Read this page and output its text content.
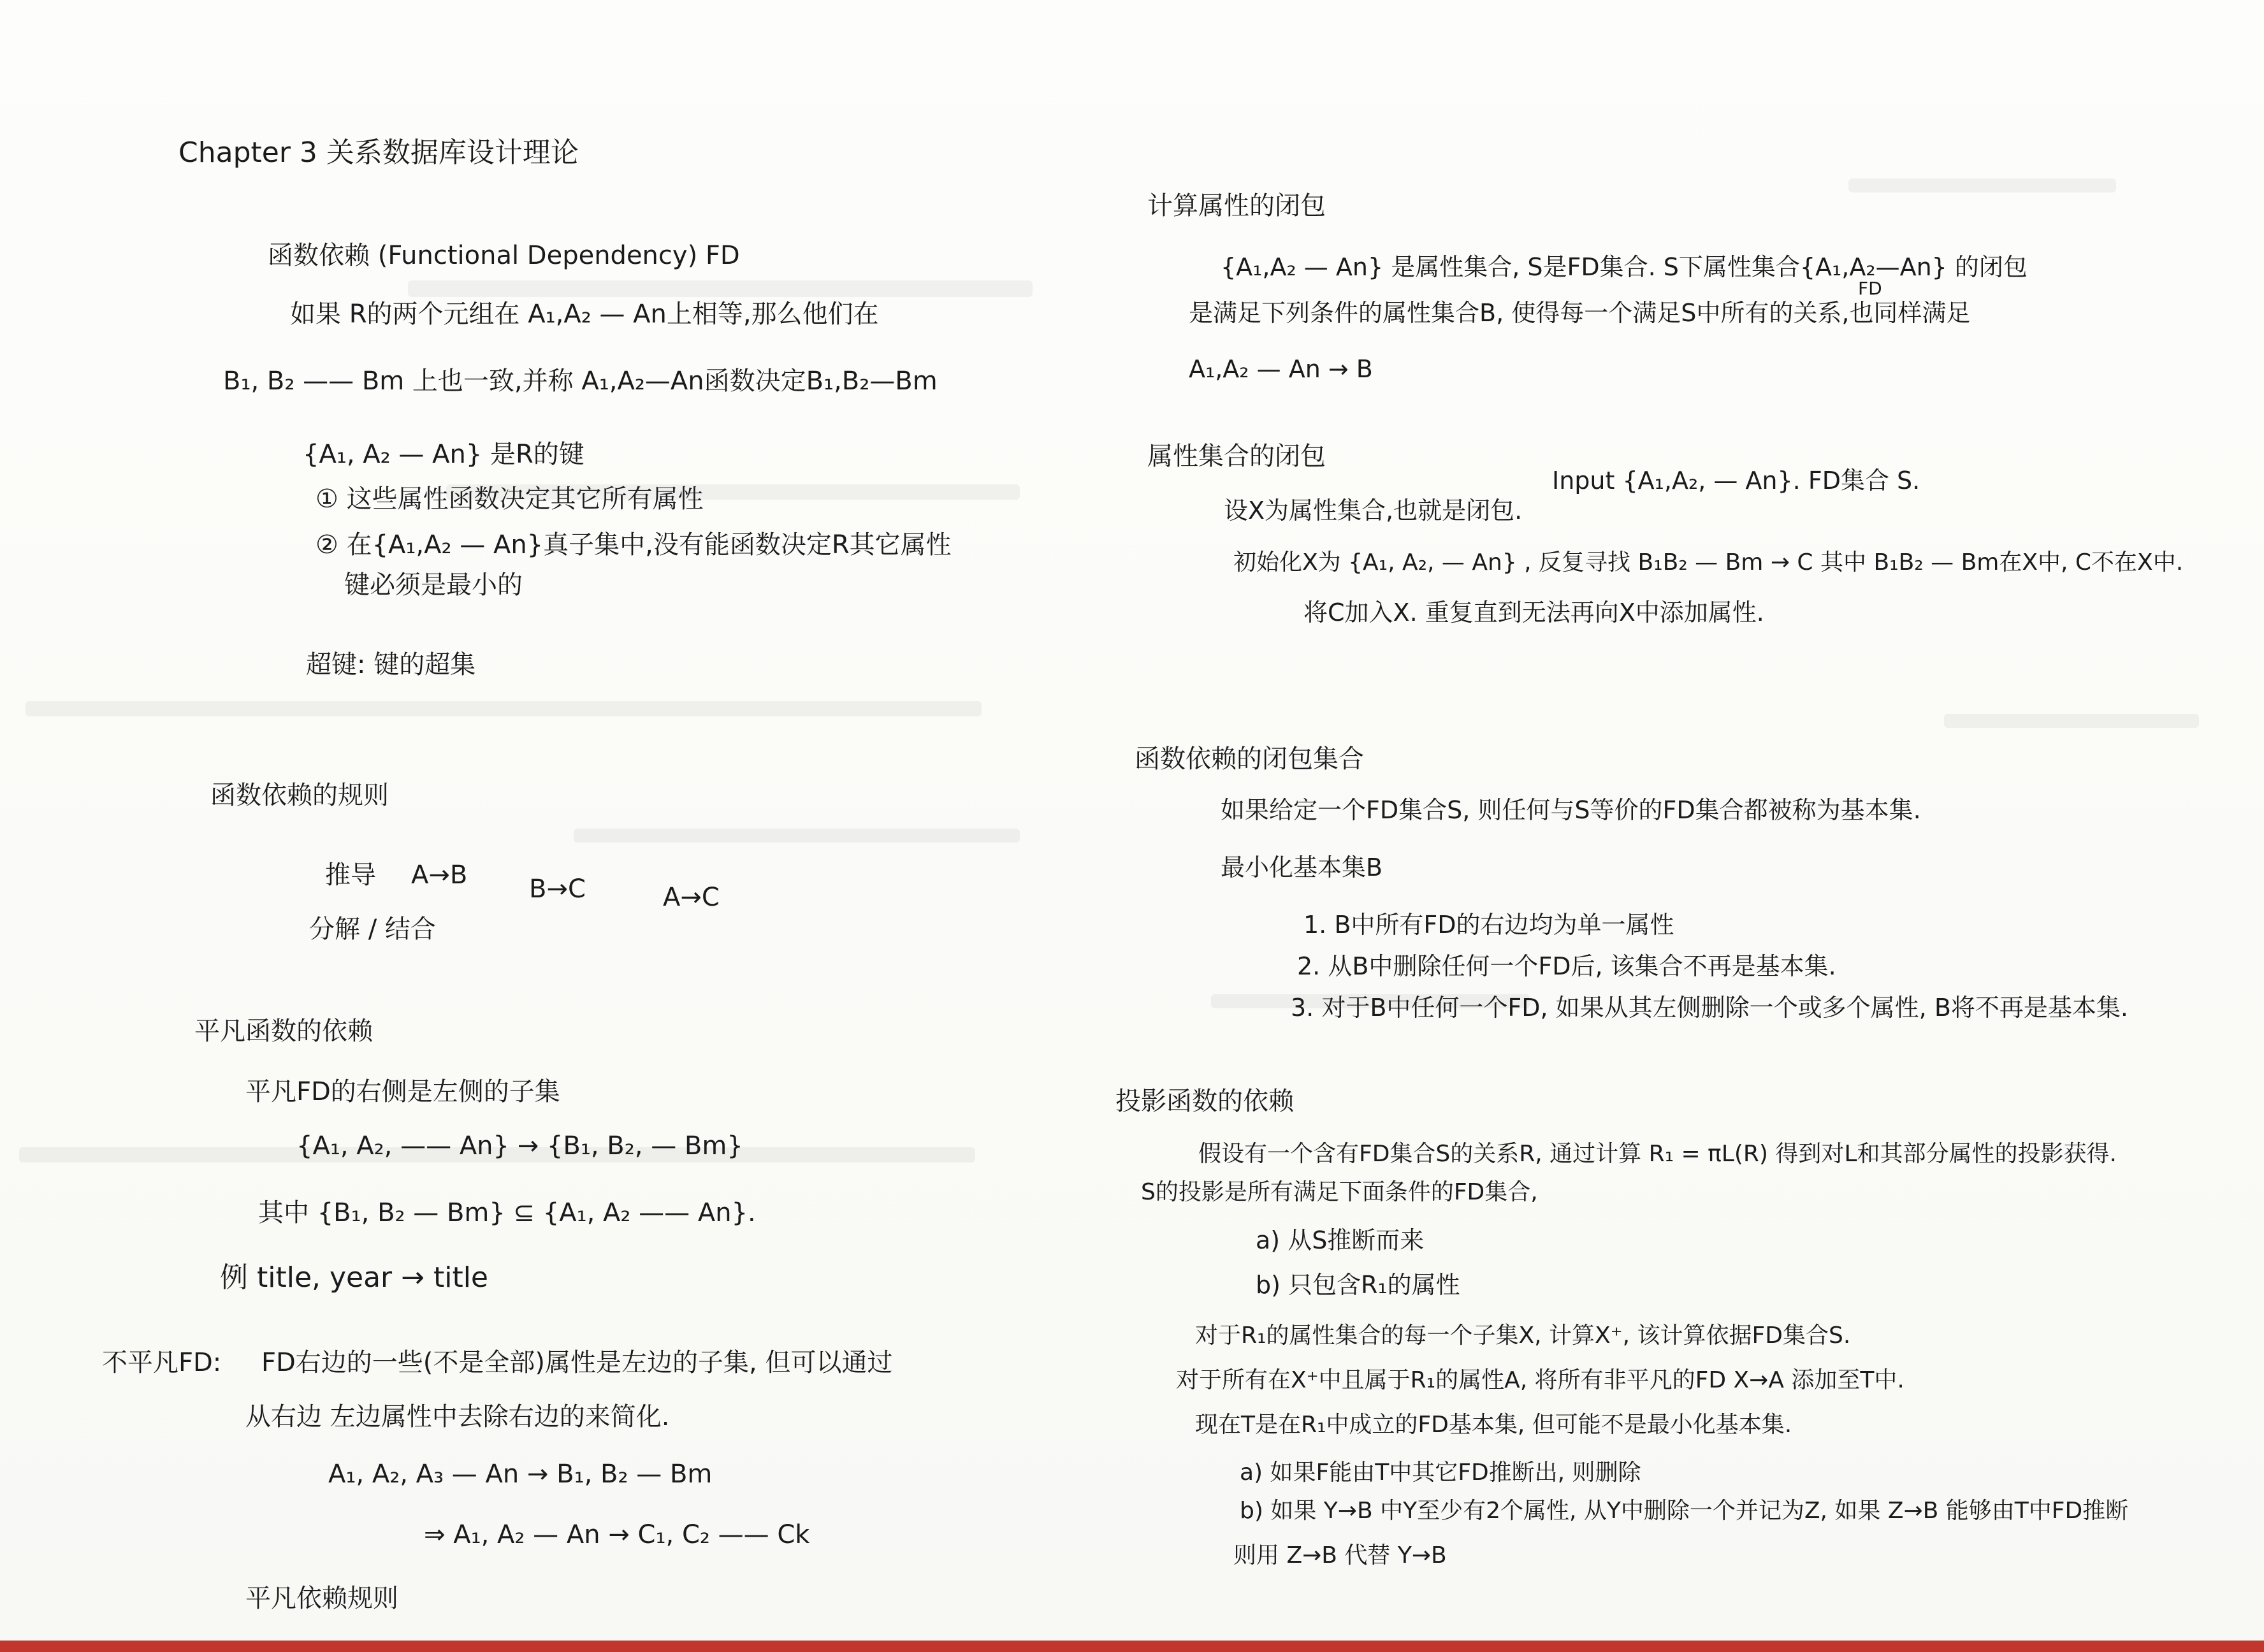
Chapter 3 关系数据库设计理论
函数依赖 (Functional Dependency) FD
如果 R的两个元组在 A₁,A₂ — An上相等,那么他们在
B₁, B₂ —— Bm 上也一致,并称 A₁,A₂—An函数决定B₁,B₂—Bm
{A₁, A₂ — An} 是R的键
① 这些属性函数决定其它所有属性
② 在{A₁,A₂ — An}真子集中,没有能函数决定R其它属性
键必须是最小的
超键: 键的超集
函数依赖的规则
推导 A→B B→C	A→C
分解 / 结合
平凡函数的依赖
平凡FD的右侧是左侧的子集
{A₁, A₂, —— An} → {B₁, B₂, — Bm}
其中 {B₁, B₂ — Bm} ⊆ {A₁, A₂ —— An}.
例 title, year → title
不平凡FD: FD右边的一些(不是全部)属性是左边的子集, 但可以通过
从右边 左边属性中去除右边的来简化.
A₁, A₂, A₃ — An → B₁, B₂ — Bm
⇒ A₁, A₂ — An → C₁, C₂ —— Ck
平凡依赖规则
计算属性的闭包
{A₁,A₂ — An} 是属性集合, S是FD集合. S下属性集合{A₁,A₂—An} 的闭包
FD
是满足下列条件的属性集合B, 使得每一个满足S中所有的关系,也同样满足
A₁,A₂ — An → B
属性集合的闭包
Input {A₁,A₂, — An}. FD集合 S.
设X为属性集合,也就是闭包.
初始化X为 {A₁, A₂, — An} , 反复寻找 B₁B₂ — Bm → C 其中 B₁B₂ — Bm在X中, C不在X中.
将C加入X. 重复直到无法再向X中添加属性.
函数依赖的闭包集合
如果给定一个FD集合S, 则任何与S等价的FD集合都被称为基本集.
最小化基本集B
1. B中所有FD的右边均为单一属性
2. 从B中删除任何一个FD后, 该集合不再是基本集.
3. 对于B中任何一个FD, 如果从其左侧删除一个或多个属性, B将不再是基本集.
投影函数的依赖
假设有一个含有FD集合S的关系R, 通过计算 R₁ = πL(R) 得到对L和其部分属性的投影获得.
S的投影是所有满足下面条件的FD集合,
a) 从S推断而来
b) 只包含R₁的属性
对于R₁的属性集合的每一个子集X, 计算X⁺, 该计算依据FD集合S.
对于所有在X⁺中且属于R₁的属性A, 将所有非平凡的FD X→A 添加至T中.
现在T是在R₁中成立的FD基本集, 但可能不是最小化基本集.
a) 如果F能由T中其它FD推断出, 则删除
b) 如果 Y→B 中Y至少有2个属性, 从Y中删除一个并记为Z, 如果 Z→B 能够由T中FD推断
则用 Z→B 代替 Y→B
